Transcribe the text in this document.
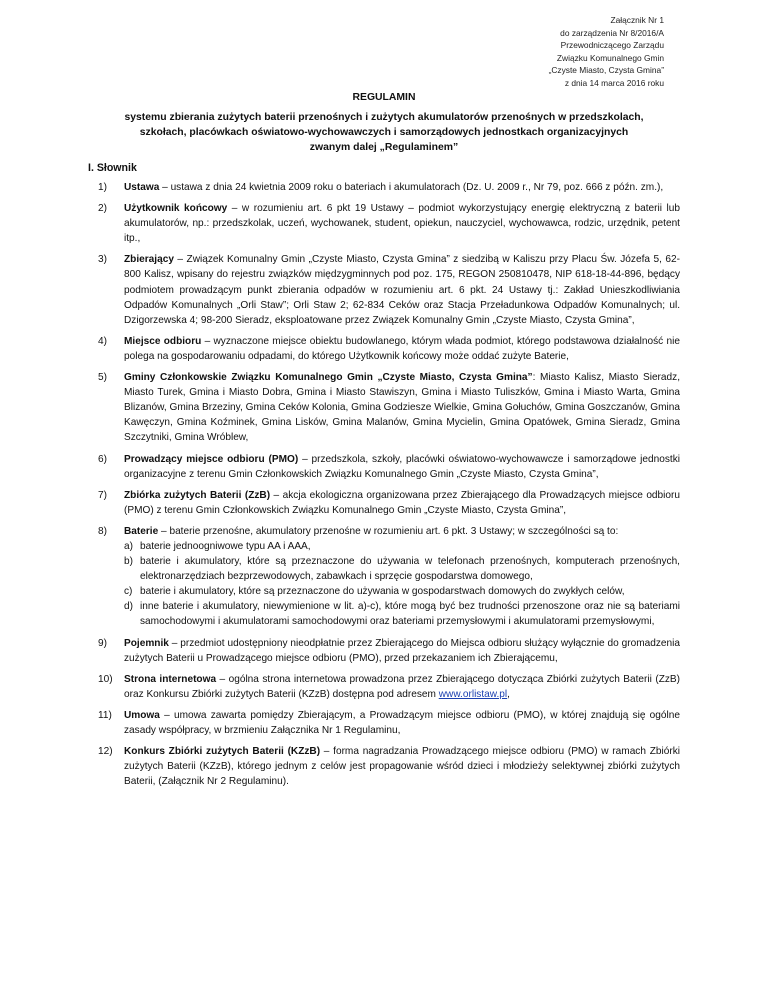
Załącznik Nr 1
do zarządzenia Nr 8/2016/A
Przewodniczącego Zarządu
Związku Komunalnego Gmin
„Czyste Miasto, Czysta Gmina”
z dnia 14 marca 2016 roku
REGULAMIN
systemu zbierania zużytych baterii przenośnych i zużytych akumulatorów przenośnych w przedszkolach,
szkołach, placówkach oświatowo-wychowawczych i samorządowych jednostkach organizacyjnych
zwanym dalej „Regulaminem”
I. Słownik
1) Ustawa – ustawa z dnia 24 kwietnia 2009 roku o bateriach i akumulatorach (Dz. U. 2009 r., Nr 79, poz. 666 z późn. zm.),
2) Użytkownik końcowy – w rozumieniu art. 6 pkt 19 Ustawy – podmiot wykorzystujący energię elektryczną z baterii lub akumulatorów, np.: przedszkolak, uczeń, wychowanek, student, opiekun, nauczyciel, wychowawca, rodzic, urzędnik, petent itp.,
3) Zbierający – Związek Komunalny Gmin „Czyste Miasto, Czysta Gmina” z siedzibą w Kaliszu przy Placu Św. Józefa 5, 62-800 Kalisz, wpisany do rejestru związków międzygminnych pod poz. 175, REGON 250810478, NIP 618-18-44-896, będący podmiotem prowadzącym punkt zbierania odpadów w rozumieniu art. 6 pkt. 24 Ustawy tj.: Zakład Unieszkodliwiania Odpadów Komunalnych „Orli Staw”; Orli Staw 2; 62-834 Ceków oraz Stacja Przeładunkowa Odpadów Komunalnych; ul. Dzigorzewska 4; 98-200 Sieradz, eksploatowane przez Związek Komunalny Gmin „Czyste Miasto, Czysta Gmina”,
4) Miejsce odbioru – wyznaczone miejsce obiektu budowlanego, którym włada podmiot, którego podstawowa działalność nie polega na gospodarowaniu odpadami, do którego Użytkownik końcowy może oddać zużyte Baterie,
5) Gminy Członkowskie Związku Komunalnego Gmin „Czyste Miasto, Czysta Gmina”: Miasto Kalisz, Miasto Sieradz, Miasto Turek, Gmina i Miasto Dobra, Gmina i Miasto Stawiszyn, Gmina i Miasto Tuliszków, Gmina i Miasto Warta, Gmina Blizanów, Gmina Brzeziny, Gmina Ceków Kolonia, Gmina Godziesze Wielkie, Gmina Gołuchów, Gmina Goszczanów, Gmina Kawęczyn, Gmina Koźminek, Gmina Lisków, Gmina Malanów, Gmina Mycielin, Gmina Opatówek, Gmina Sieradz, Gmina Szczytniki, Gmina Wróblew,
6) Prowadzący miejsce odbioru (PMO) – przedszkola, szkoły, placówki oświatowo-wychowawcze i samorządowe jednostki organizacyjne z terenu Gmin Członkowskich Związku Komunalnego Gmin „Czyste Miasto, Czysta Gmina”,
7) Zbiórka zużytych Baterii (ZzB) – akcja ekologiczna organizowana przez Zbierającego dla Prowadzących miejsce odbioru (PMO) z terenu Gmin Członkowskich Związku Komunalnego Gmin „Czyste Miasto, Czysta Gmina”,
8) Baterie – baterie przenośne, akumulatory przenośne w rozumieniu art. 6 pkt. 3 Ustawy; w szczególności są to:
a) baterie jednoogniwowe typu AA i AAA,
b) baterie i akumulatory, które są przeznaczone do używania w telefonach przenośnych, komputerach przenośnych, elektronarzędziach bezprzewodowych, zabawkach i sprzęcie gospodarstwa domowego,
c) baterie i akumulatory, które są przeznaczone do używania w gospodarstwach domowych do zwykłych celów,
d) inne baterie i akumulatory, niewymienione w lit. a)-c), które mogą być bez trudności przenoszone oraz nie są bateriami samochodowymi i akumulatorami samochodowymi oraz bateriami przemysłowymi i akumulatorami przemysłowymi,
9) Pojemnik – przedmiot udostępniony nieodpłatnie przez Zbierającego do Miejsca odbioru służący wyłącznie do gromadzenia zużytych Baterii u Prowadzącego miejsce odbioru (PMO), przed przekazaniem ich Zbierającemu,
10) Strona internetowa – ogólna strona internetowa prowadzona przez Zbierającego dotycząca Zbiórki zużytych Baterii (ZzB) oraz Konkursu Zbiórki zużytych Baterii (KZzB) dostępna pod adresem www.orlistaw.pl,
11) Umowa – umowa zawarta pomiędzy Zbierającym, a Prowadzącym miejsce odbioru (PMO), w której znajdują się ogólne zasady współpracy, w brzmieniu Załącznika Nr 1 Regulaminu,
12) Konkurs Zbiórki zużytych Baterii (KZzB) – forma nagradzania Prowadzącego miejsce odbioru (PMO) w ramach Zbiórki zużytych Baterii (KZzB), którego jednym z celów jest propagowanie wśród dzieci i młodzieży selektywnej zbiórki zużytych Baterii, (Załącznik Nr 2 Regulaminu).
